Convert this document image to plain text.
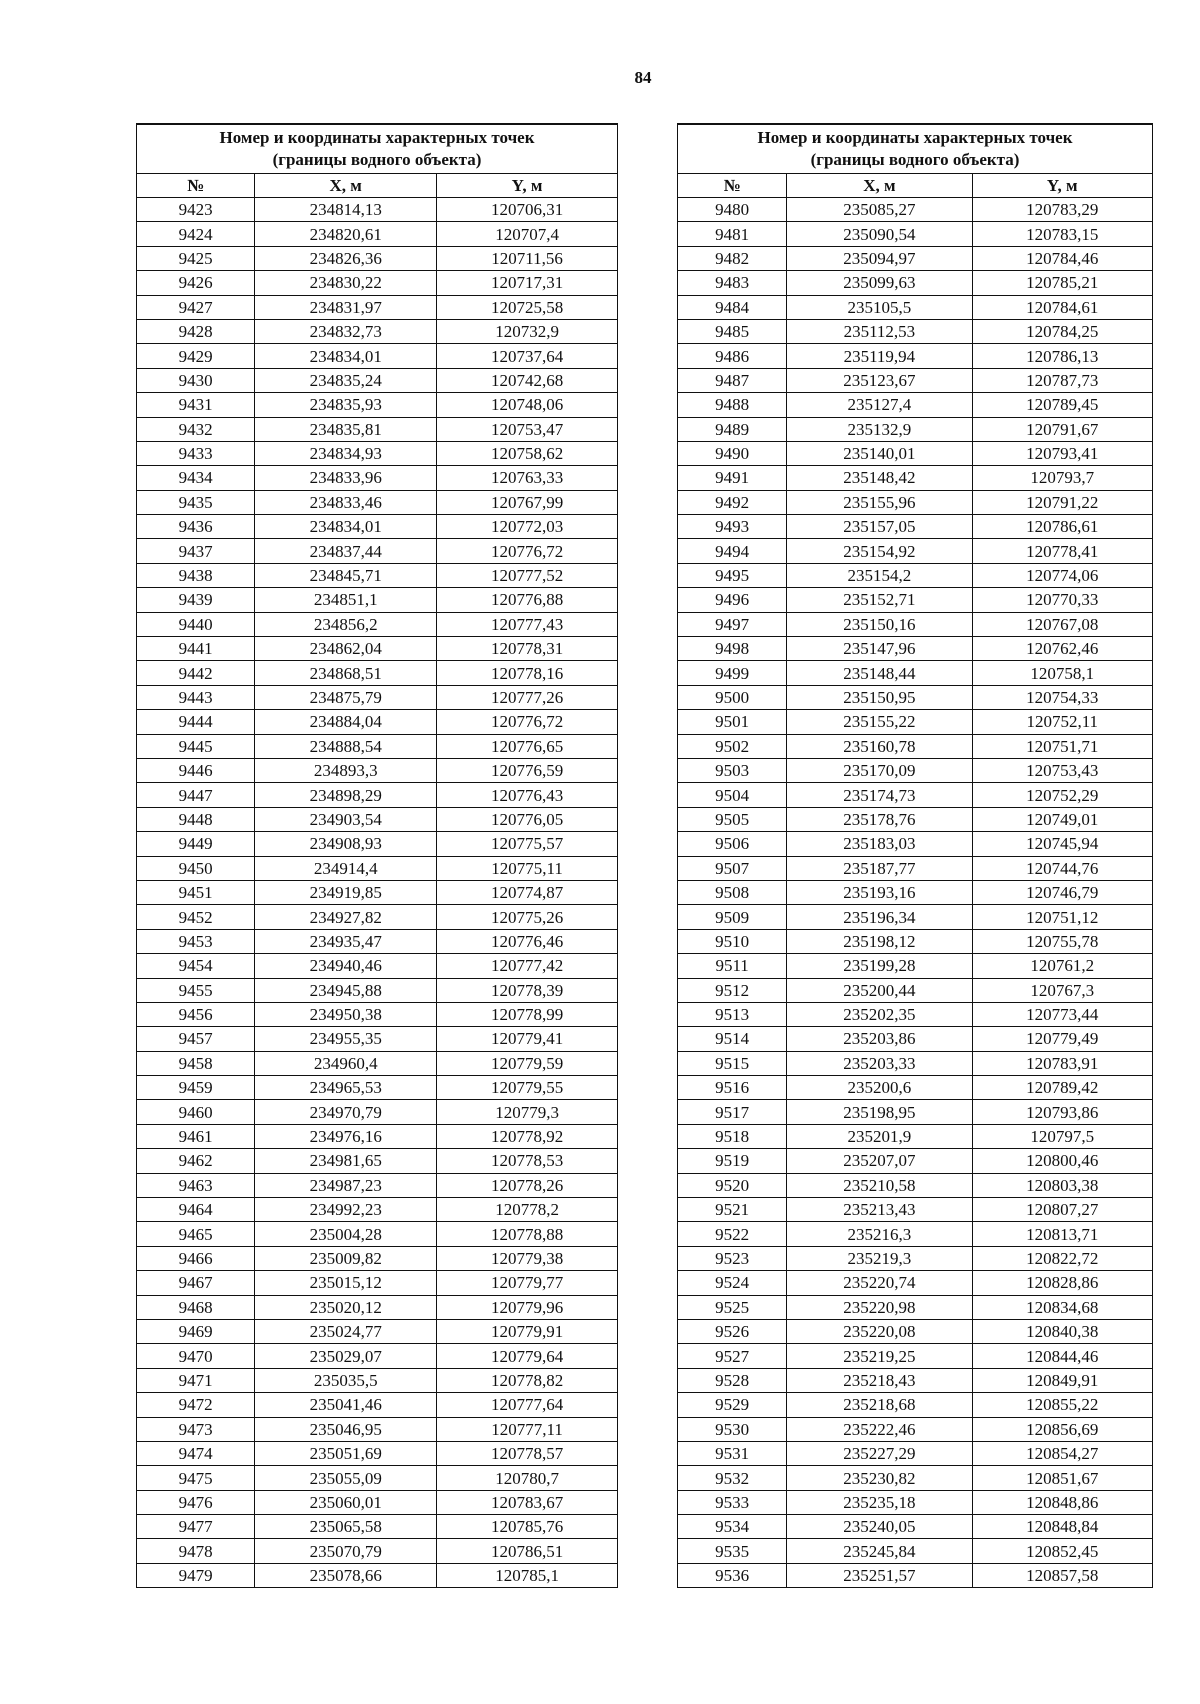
84
Номер и координаты характерных точек
(границы водного объекта)		
№	X, м	Y, м
9423	234814,13	120706,31
9424	234820,61	120707,4
9425	234826,36	120711,56
9426	234830,22	120717,31
9427	234831,97	120725,58
9428	234832,73	120732,9
9429	234834,01	120737,64
9430	234835,24	120742,68
9431	234835,93	120748,06
9432	234835,81	120753,47
9433	234834,93	120758,62
9434	234833,96	120763,33
9435	234833,46	120767,99
9436	234834,01	120772,03
9437	234837,44	120776,72
9438	234845,71	120777,52
9439	234851,1	120776,88
9440	234856,2	120777,43
9441	234862,04	120778,31
9442	234868,51	120778,16
9443	234875,79	120777,26
9444	234884,04	120776,72
9445	234888,54	120776,65
9446	234893,3	120776,59
9447	234898,29	120776,43
9448	234903,54	120776,05
9449	234908,93	120775,57
9450	234914,4	120775,11
9451	234919,85	120774,87
9452	234927,82	120775,26
9453	234935,47	120776,46
9454	234940,46	120777,42
9455	234945,88	120778,39
9456	234950,38	120778,99
9457	234955,35	120779,41
9458	234960,4	120779,59
9459	234965,53	120779,55
9460	234970,79	120779,3
9461	234976,16	120778,92
9462	234981,65	120778,53
9463	234987,23	120778,26
9464	234992,23	120778,2
9465	235004,28	120778,88
9466	235009,82	120779,38
9467	235015,12	120779,77
9468	235020,12	120779,96
9469	235024,77	120779,91
9470	235029,07	120779,64
9471	235035,5	120778,82
9472	235041,46	120777,64
9473	235046,95	120777,11
9474	235051,69	120778,57
9475	235055,09	120780,7
9476	235060,01	120783,67
9477	235065,58	120785,76
9478	235070,79	120786,51
9479	235078,66	120785,1
Номер и координаты характерных точек
(границы водного объекта)		
№	X, м	Y, м
9480	235085,27	120783,29
9481	235090,54	120783,15
9482	235094,97	120784,46
9483	235099,63	120785,21
9484	235105,5	120784,61
9485	235112,53	120784,25
9486	235119,94	120786,13
9487	235123,67	120787,73
9488	235127,4	120789,45
9489	235132,9	120791,67
9490	235140,01	120793,41
9491	235148,42	120793,7
9492	235155,96	120791,22
9493	235157,05	120786,61
9494	235154,92	120778,41
9495	235154,2	120774,06
9496	235152,71	120770,33
9497	235150,16	120767,08
9498	235147,96	120762,46
9499	235148,44	120758,1
9500	235150,95	120754,33
9501	235155,22	120752,11
9502	235160,78	120751,71
9503	235170,09	120753,43
9504	235174,73	120752,29
9505	235178,76	120749,01
9506	235183,03	120745,94
9507	235187,77	120744,76
9508	235193,16	120746,79
9509	235196,34	120751,12
9510	235198,12	120755,78
9511	235199,28	120761,2
9512	235200,44	120767,3
9513	235202,35	120773,44
9514	235203,86	120779,49
9515	235203,33	120783,91
9516	235200,6	120789,42
9517	235198,95	120793,86
9518	235201,9	120797,5
9519	235207,07	120800,46
9520	235210,58	120803,38
9521	235213,43	120807,27
9522	235216,3	120813,71
9523	235219,3	120822,72
9524	235220,74	120828,86
9525	235220,98	120834,68
9526	235220,08	120840,38
9527	235219,25	120844,46
9528	235218,43	120849,91
9529	235218,68	120855,22
9530	235222,46	120856,69
9531	235227,29	120854,27
9532	235230,82	120851,67
9533	235235,18	120848,86
9534	235240,05	120848,84
9535	235245,84	120852,45
9536	235251,57	120857,58
